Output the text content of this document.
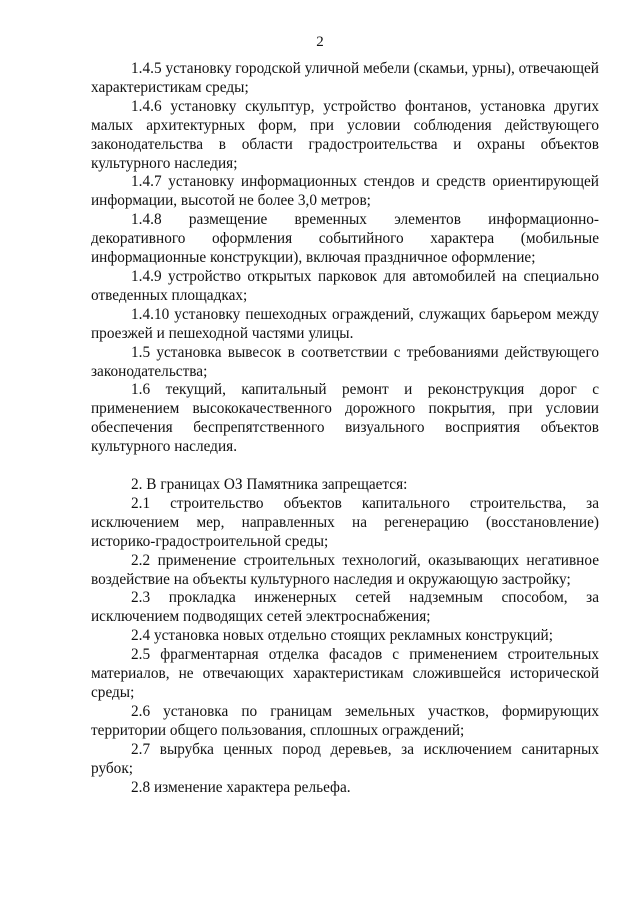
2

1.4.5 установку городской уличной мебели (скамьи, урны), отвечающей характеристикам среды;

1.4.6 установку скульптур, устройство фонтанов, установка других малых архитектурных форм, при условии соблюдения действующего законодательства в области градостроительства и охраны объектов культурного наследия;

1.4.7 установку информационных стендов и средств ориентирующей информации, высотой не более 3,0 метров;

1.4.8 размещение временных элементов информационно-декоративного оформления событийного характера (мобильные информационные конструкции), включая праздничное оформление;

1.4.9 устройство открытых парковок для автомобилей на специально отведенных площадках;

1.4.10 установку пешеходных ограждений, служащих барьером между проезжей и пешеходной частями улицы.

1.5 установка вывесок в соответствии с требованиями действующего законодательства;

1.6 текущий, капитальный ремонт и реконструкция дорог с применением высококачественного дорожного покрытия, при условии обеспечения беспрепятственного визуального восприятия объектов культурного наследия.

2. В границах ОЗ Памятника запрещается:

2.1 строительство объектов капитального строительства, за исключением мер, направленных на регенерацию (восстановление) историко-градостроительной среды;

2.2 применение строительных технологий, оказывающих негативное воздействие на объекты культурного наследия и окружающую застройку;

2.3 прокладка инженерных сетей надземным способом, за исключением подводящих сетей электроснабжения;

2.4 установка новых отдельно стоящих рекламных конструкций;

2.5 фрагментарная отделка фасадов с применением строительных материалов, не отвечающих характеристикам сложившейся исторической среды;

2.6 установка по границам земельных участков, формирующих территории общего пользования, сплошных ограждений;

2.7 вырубка ценных пород деревьев, за исключением санитарных рубок;

2.8 изменение характера рельефа.
